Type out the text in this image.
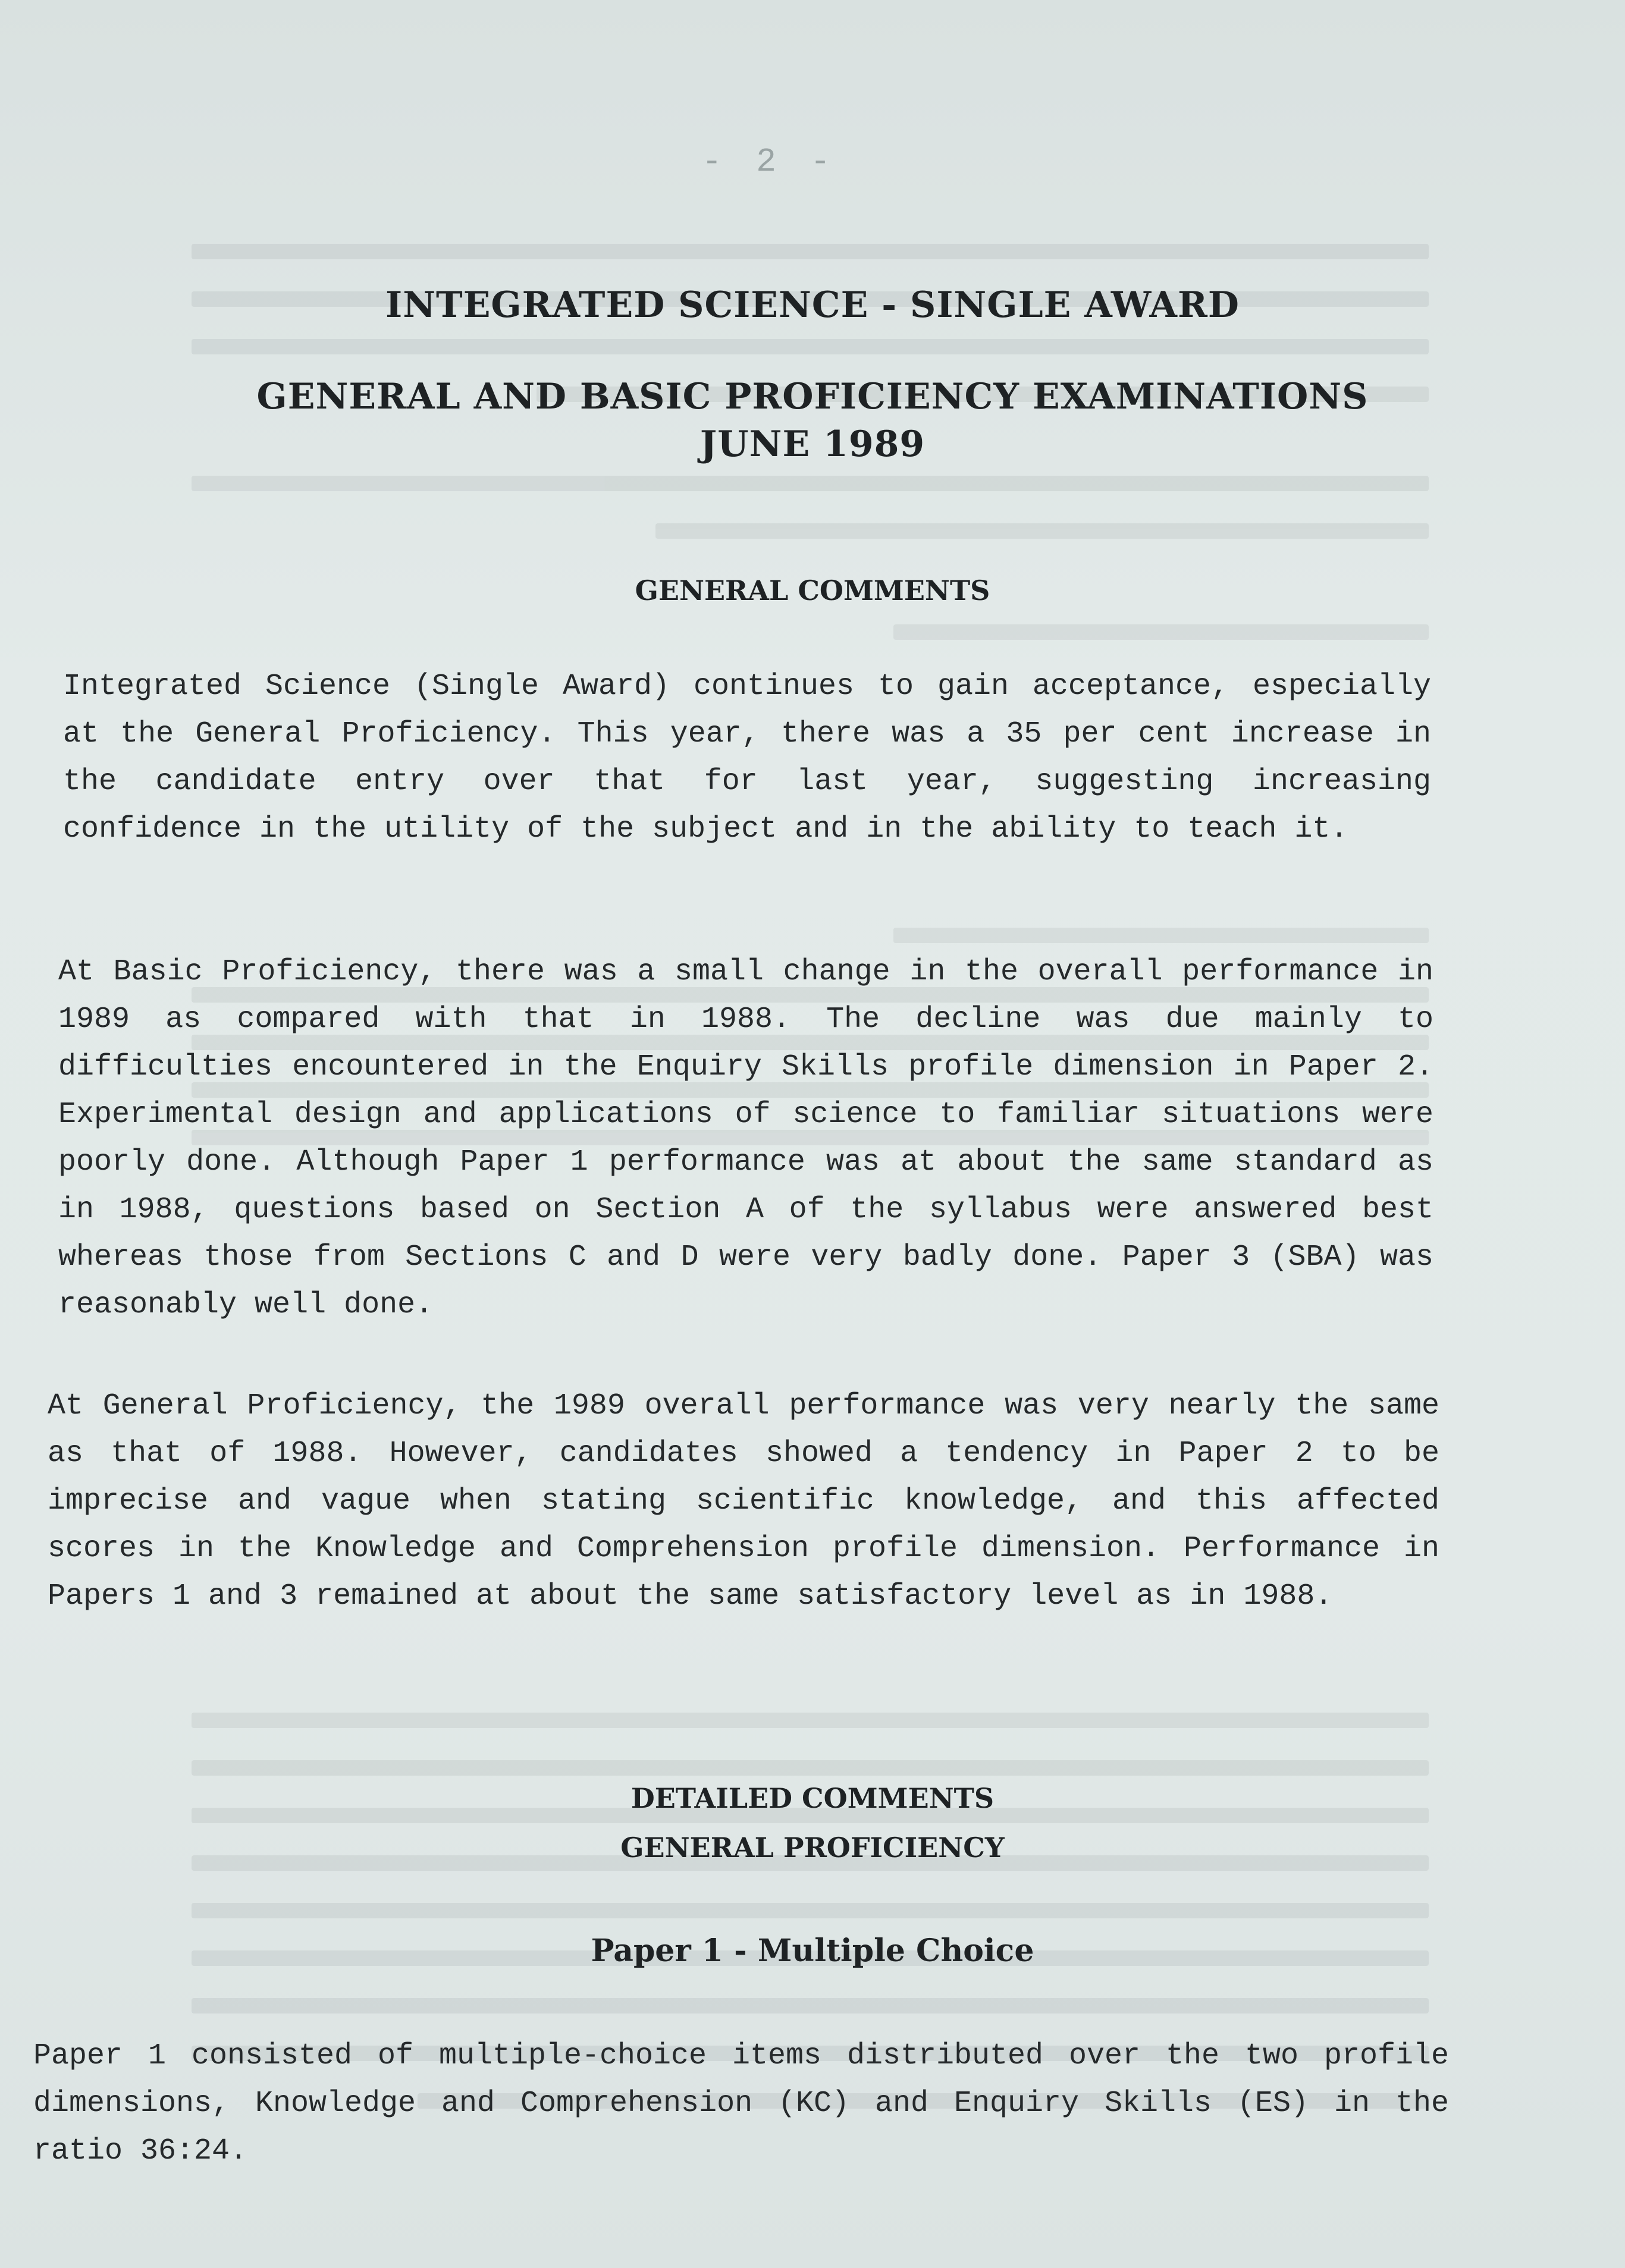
- 2 -
INTEGRATED SCIENCE - SINGLE AWARD
GENERAL AND BASIC PROFICIENCY EXAMINATIONS
JUNE 1989
GENERAL COMMENTS

Integrated Science (Single Award) continues to gain acceptance, especially at the General Proficiency. This year, there was a 35 per cent increase in the candidate entry over that for last year, suggesting increasing confidence in the utility of the subject and in the ability to teach it.

At Basic Proficiency, there was a small change in the overall performance in 1989 as compared with that in 1988. The decline was due mainly to difficulties encountered in the Enquiry Skills profile dimension in Paper 2. Experimental design and applications of science to familiar situations were poorly done. Although Paper 1 performance was at about the same standard as in 1988, questions based on Section A of the syllabus were answered best whereas those from Sections C and D were very badly done. Paper 3 (SBA) was reasonably well done.

At General Proficiency, the 1989 overall performance was very nearly the same as that of 1988. However, candidates showed a tendency in Paper 2 to be imprecise and vague when stating scientific knowledge, and this affected scores in the Knowledge and Comprehension profile dimension. Performance in Papers 1 and 3 remained at about the same satisfactory level as in 1988.

DETAILED COMMENTS
GENERAL PROFICIENCY
Paper 1 - Multiple Choice

Paper 1 consisted of multiple-choice items distributed over the two profile dimensions, Knowledge and Comprehension (KC) and Enquiry Skills (ES) in the ratio 36:24.
